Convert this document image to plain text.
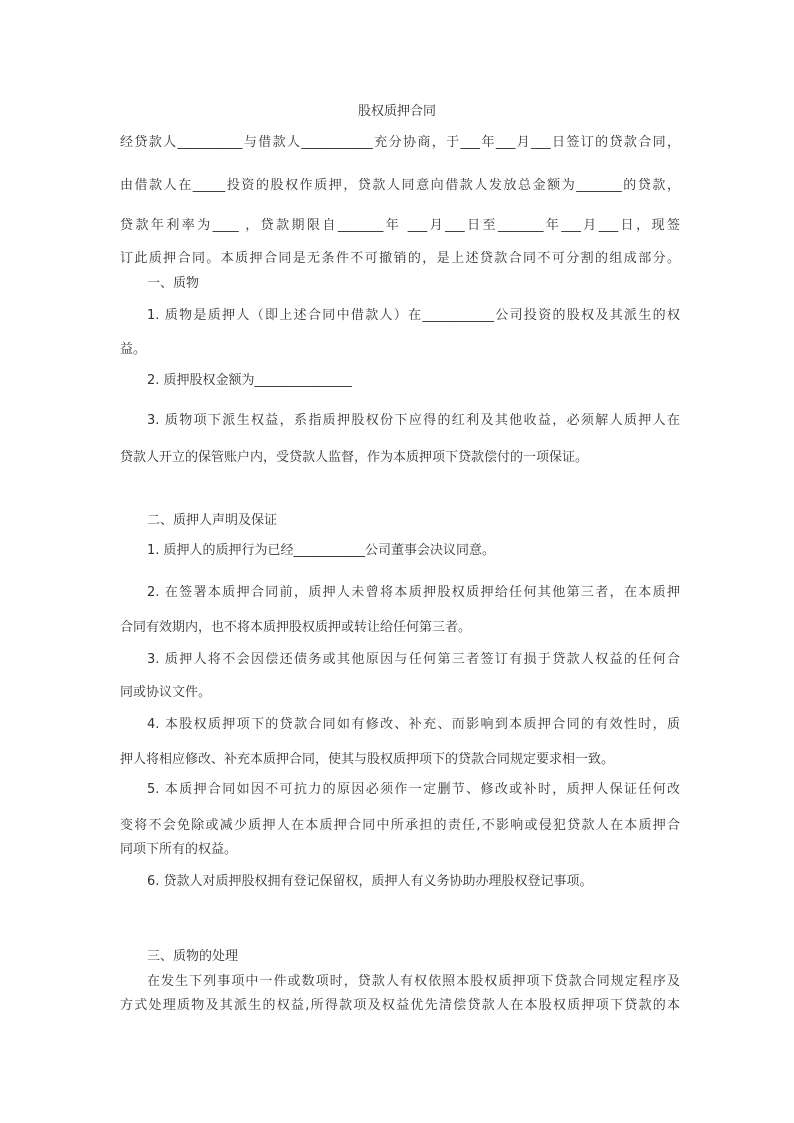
股权质押合同
经贷款人__________与借款人___________充分协商，于___年___月___日签订的贷款合同，
由借款人在_____投资的股权作质押，贷款人同意向借款人发放总金额为_______的贷款，
贷款年利率为____ ，贷款期限自_______年 ___月___日至_______年___月___日，现签
订此质押合同。本质押合同是无条件不可撤销的，是上述贷款合同不可分割的组成部分。
一、质物
1. 质物是质押人（即上述合同中借款人）在___________公司投资的股权及其派生的权
益。
2. 质押股权金额为_______________
3. 质物项下派生权益，系指质押股权份下应得的红利及其他收益，必须解人质押人在
贷款人开立的保管账户内，受贷款人监督，作为本质押项下贷款偿付的一项保证。
二、质押人声明及保证
1. 质押人的质押行为已经___________公司董事会决议同意。
2. 在签署本质押合同前，质押人未曾将本质押股权质押给任何其他第三者，在本质押
合同有效期内，也不将本质押股权质押或转让给任何第三者。
3. 质押人将不会因偿还债务或其他原因与任何第三者签订有损于贷款人权益的任何合
同或协议文件。
4. 本股权质押项下的贷款合同如有修改、补充、而影响到本质押合同的有效性时，质
押人将相应修改、补充本质押合同，使其与股权质押项下的贷款合同规定要求相一致。
5. 本质押合同如因不可抗力的原因必须作一定删节、修改或补时，质押人保证任何改
变将不会免除或减少质押人在本质押合同中所承担的责任,不影响或侵犯贷款人在本质押合
同项下所有的权益。
6. 贷款人对质押股权拥有登记保留权，质押人有义务协助办理股权登记事项。
三、质物的处理
在发生下列事项中一件或数项时，贷款人有权依照本股权质押项下贷款合同规定程序及
方式处理质物及其派生的权益,所得款项及权益优先清偿贷款人在本股权质押项下贷款的本
